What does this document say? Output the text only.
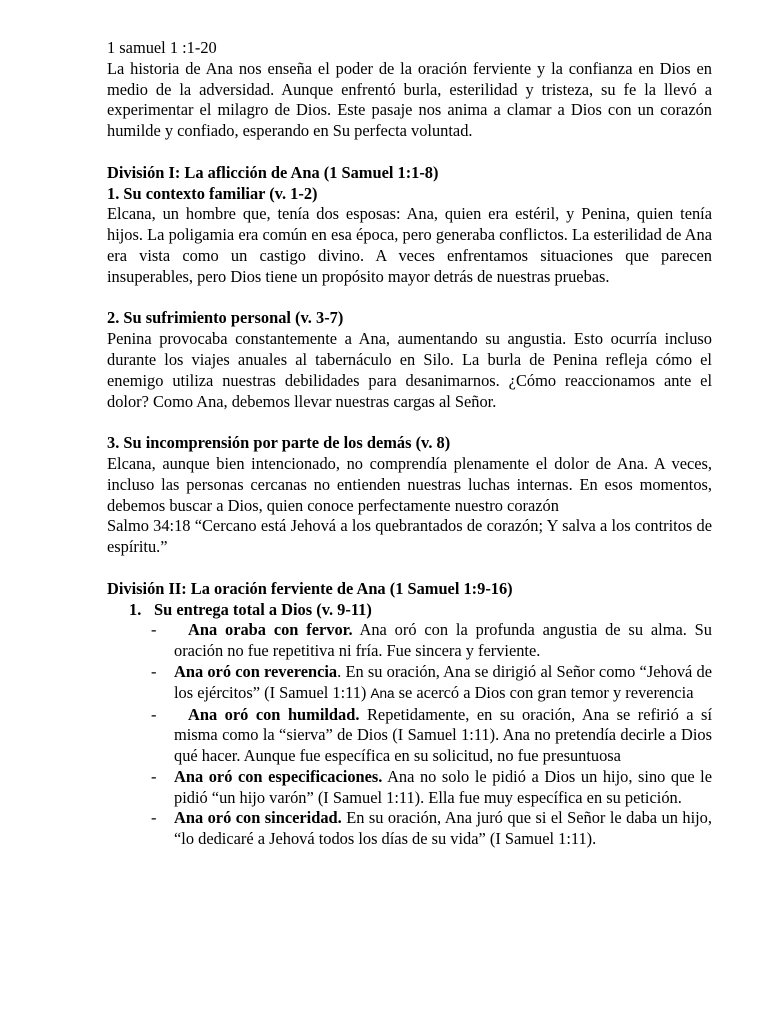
1 samuel 1 :1-20

La historia de Ana nos enseña el poder de la oración ferviente y la confianza en Dios en medio de la adversidad. Aunque enfrentó burla, esterilidad y tristeza, su fe la llevó a experimentar el milagro de Dios. Este pasaje nos anima a clamar a Dios con un corazón humilde y confiado, esperando en Su perfecta voluntad.

División I: La aflicción de Ana (1 Samuel 1:1-8)

1. Su contexto familiar (v. 1-2)

Elcana, un hombre que, tenía dos esposas: Ana, quien era estéril, y Penina, quien tenía hijos. La poligamia era común en esa época, pero generaba conflictos. La esterilidad de Ana era vista como un castigo divino. A veces enfrentamos situaciones que parecen insuperables, pero Dios tiene un propósito mayor detrás de nuestras pruebas.

2. Su sufrimiento personal (v. 3-7)

Penina provocaba constantemente a Ana, aumentando su angustia. Esto ocurría incluso durante los viajes anuales al tabernáculo en Silo. La burla de Penina refleja cómo el enemigo utiliza nuestras debilidades para desanimarnos. ¿Cómo reaccionamos ante el dolor? Como Ana, debemos llevar nuestras cargas al Señor.

3. Su incomprensión por parte de los demás (v. 8)

Elcana, aunque bien intencionado, no comprendía plenamente el dolor de Ana. A veces, incluso las personas cercanas no entienden nuestras luchas internas. En esos momentos, debemos buscar a Dios, quien conoce perfectamente nuestro corazón

Salmo 34:18 “Cercano está Jehová a los quebrantados de corazón; Y salva a los contritos de espíritu.”

División II: La oración ferviente de Ana (1 Samuel 1:9-16)

1. Su entrega total a Dios (v. 9-11)
-	Ana oraba con fervor. Ana oró con la profunda angustia de su alma. Su oración no fue repetitiva ni fría. Fue sincera y ferviente.
-	Ana oró con reverencia. En su oración, Ana se dirigió al Señor como “Jehová de los ejércitos” (I Samuel 1:11) Ana se acercó a Dios con gran temor y reverencia
-	Ana oró con humildad. Repetidamente, en su oración, Ana se refirió a sí misma como la “sierva” de Dios (I Samuel 1:11). Ana no pretendía decirle a Dios qué hacer. Aunque fue específica en su solicitud, no fue presuntuosa
-	Ana oró con especificaciones. Ana no solo le pidió a Dios un hijo, sino que le pidió “un hijo varón” (I Samuel 1:11). Ella fue muy específica en su petición.
-	Ana oró con sinceridad. En su oración, Ana juró que si el Señor le daba un hijo, “lo dedicaré a Jehová todos los días de su vida” (I Samuel 1:11).
